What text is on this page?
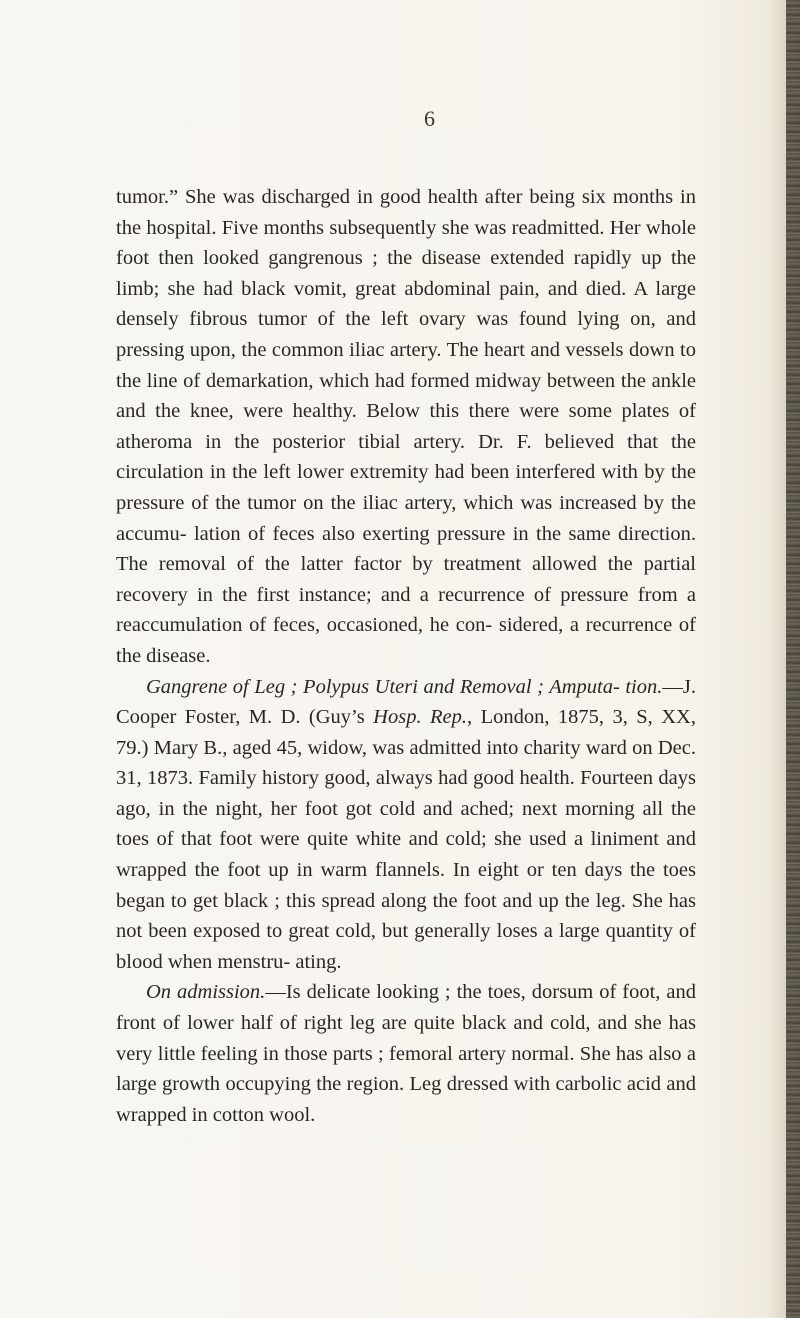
6

tumor.” She was discharged in good health after being six months in the hospital. Five months subsequently she was readmitted. Her whole foot then looked gangrenous ; the disease extended rapidly up the limb; she had black vomit, great abdominal pain, and died. A large densely fibrous tumor of the left ovary was found lying on, and pressing upon, the common iliac artery. The heart and vessels down to the line of demarkation, which had formed midway between the ankle and the knee, were healthy. Below this there were some plates of atheroma in the posterior tibial artery. Dr. F. believed that the circulation in the left lower extremity had been interfered with by the pressure of the tumor on the iliac artery, which was increased by the accumu- lation of feces also exerting pressure in the same direction. The removal of the latter factor by treatment allowed the partial recovery in the first instance; and a recurrence of pressure from a reaccumulation of feces, occasioned, he con- sidered, a recurrence of the disease.

Gangrene of Leg ; Polypus Uteri and Removal ; Amputa- tion.—J. Cooper Foster, M. D. (Guy’s Hosp. Rep., London, 1875, 3, S, XX, 79.) Mary B., aged 45, widow, was admitted into charity ward on Dec. 31, 1873. Family history good, always had good health. Fourteen days ago, in the night, her foot got cold and ached; next morning all the toes of that foot were quite white and cold; she used a liniment and wrapped the foot up in warm flannels. In eight or ten days the toes began to get black ; this spread along the foot and up the leg. She has not been exposed to great cold, but generally loses a large quantity of blood when menstru- ating.

On admission.—Is delicate looking ; the toes, dorsum of foot, and front of lower half of right leg are quite black and cold, and she has very little feeling in those parts ; femoral artery normal. She has also a large growth occupying the region. Leg dressed with carbolic acid and wrapped in cotton wool.
